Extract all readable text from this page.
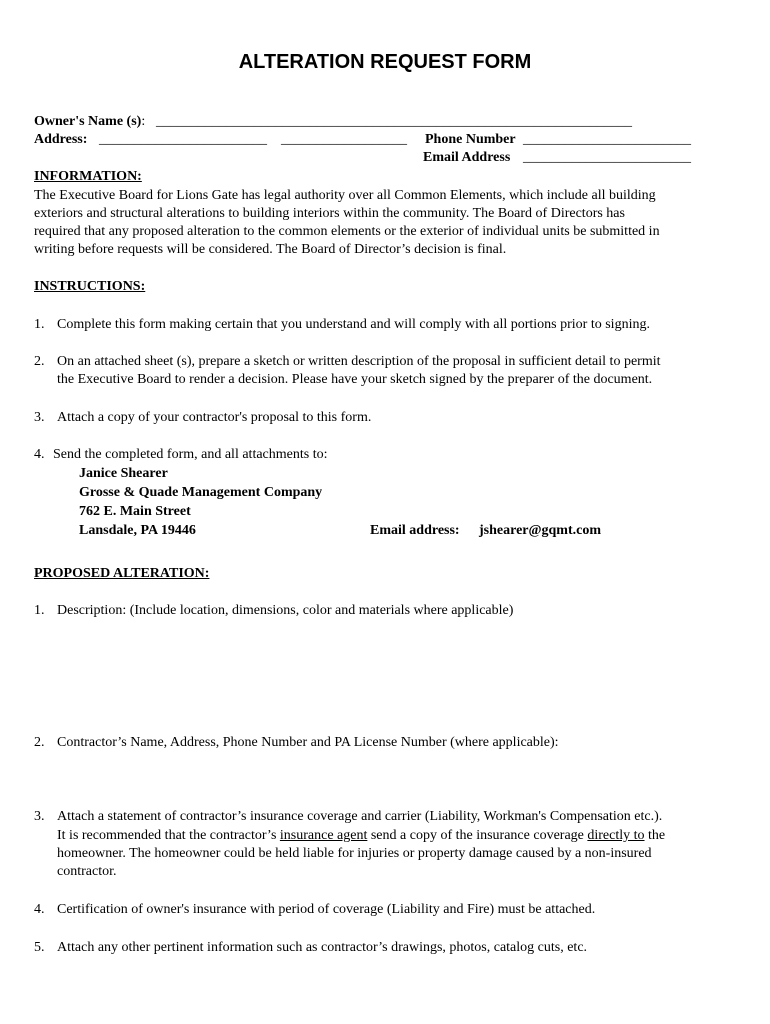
ALTERATION REQUEST FORM
Owner's Name (s): ____________________________________________________________________
Address: ________________________ __________________ Phone Number ________________________
Email Address ________________________
INFORMATION:
The Executive Board for Lions Gate has legal authority over all Common Elements, which include all building
exteriors and structural alterations to building interiors within the community. The Board of Directors has
required that any proposed alteration to the common elements or the exterior of individual units be submitted in
writing before requests will be considered. The Board of Director’s decision is final.
INSTRUCTIONS:
1. Complete this form making certain that you understand and will comply with all portions prior to signing.
2. On an attached sheet (s), prepare a sketch or written description of the proposal in sufficient detail to permit
the Executive Board to render a decision. Please have your sketch signed by the preparer of the document.
3. Attach a copy of your contractor's proposal to this form.
4. Send the completed form, and all attachments to:
Janice Shearer
Grosse & Quade Management Company
762 E. Main Street
Lansdale, PA 19446	Email address: jshearer@gqmt.com
PROPOSED ALTERATION:
1. Description: (Include location, dimensions, color and materials where applicable)
2. Contractor’s Name, Address, Phone Number and PA License Number (where applicable):
3. Attach a statement of contractor’s insurance coverage and carrier (Liability, Workman's Compensation etc.).
It is recommended that the contractor’s insurance agent send a copy of the insurance coverage directly to the
homeowner. The homeowner could be held liable for injuries or property damage caused by a non-insured
contractor.
4. Certification of owner's insurance with period of coverage (Liability and Fire) must be attached.
5. Attach any other pertinent information such as contractor’s drawings, photos, catalog cuts, etc.
